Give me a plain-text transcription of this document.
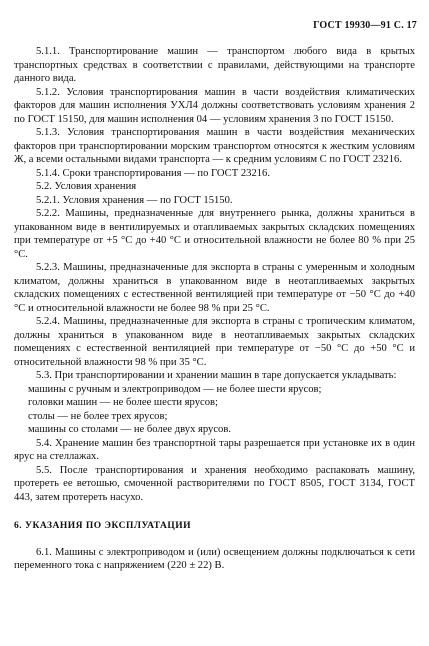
ГОСТ 19930—91 С. 17

5.1.1. Транспортирование машин — транспортом любого вида в крытых транспортных средствах в соответствии с правилами, действующими на транспорте данного вида.

5.1.2. Условия транспортирования машин в части воздействия климатических факторов для машин исполнения УХЛ4 должны соответствовать условиям хранения 2 по ГОСТ 15150, для машин исполнения 04 — условиям хранения 3 по ГОСТ 15150.

5.1.3. Условия транспортирования машин в части воздействия механических факторов при транспортировании морским транспортом относятся к жестким условиям Ж, а всеми остальными видами транспорта — к средним условиям С по ГОСТ 23216.

5.1.4. Сроки транспортирования — по ГОСТ 23216.

5.2. Условия хранения

5.2.1. Условия хранения — по ГОСТ 15150.

5.2.2. Машины, предназначенные для внутреннего рынка, должны храниться в упакованном виде в вентилируемых и отапливаемых закрытых складских помещениях при температуре от +5 °С до +40 °С и относительной влажности не более 80 % при 25 °С.

5.2.3. Машины, предназначенные для экспорта в страны с умеренным и холодным климатом, должны храниться в упакованном виде в неотапливаемых закрытых складских помещениях с естественной вентиляцией при температуре от −50 °С до +40 °С и относительной влажности не более 98 % при 25 °С.

5.2.4. Машины, предназначенные для экспорта в страны с тропическим климатом, должны храниться в упакованном виде в неотапливаемых закрытых складских помещениях с естественной вентиляцией при температуре от −50 °С до +50 °С и относительной влажности 98 % при 35 °С.

5.3. При транспортировании и хранении машин в таре допускается укладывать:

машины с ручным и электроприводом — не более шести ярусов;

головки машин — не более шести ярусов;

столы — не более трех ярусов;

машины со столами — не более двух ярусов.

5.4. Хранение машин без транспортной тары разрешается при установке их в один ярус на стеллажах.

5.5. После транспортирования и хранения необходимо распаковать машину, протереть ее ветошью, смоченной растворителями по ГОСТ 8505, ГОСТ 3134, ГОСТ 443, затем протереть насухо.

6. УКАЗАНИЯ ПО ЭКСПЛУАТАЦИИ

6.1. Машины с электроприводом и (или) освещением должны подключаться к сети переменного тока с напряжением (220 ± 22) В.
